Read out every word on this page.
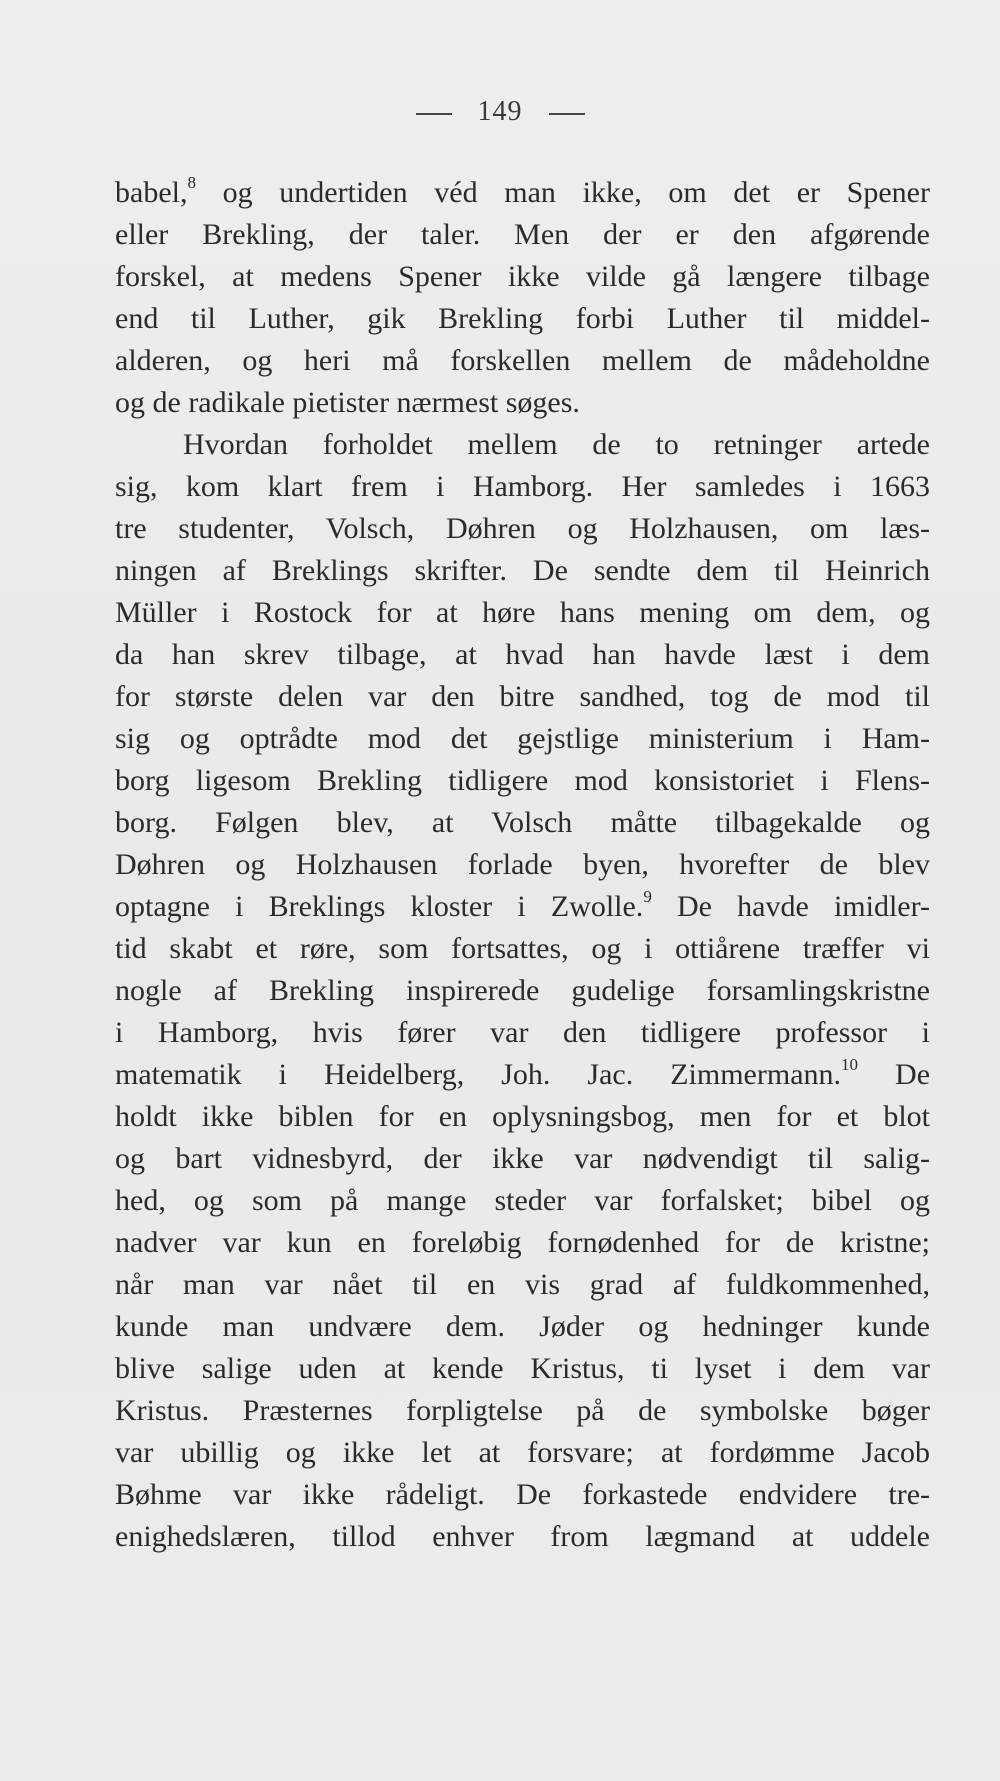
149
babel,$^8$ og undertiden véd man ikke, om det er Spener
eller Brekling, der taler. Men der er den afgørende
forskel, at medens Spener ikke vilde gå længere tilbage
end til Luther, gik Brekling forbi Luther til middel-
alderen, og heri må forskellen mellem de mådeholdne
og de radikale pietister nærmest søges.
Hvordan forholdet mellem de to retninger artede
sig, kom klart frem i Hamborg. Her samledes i 1663
tre studenter, Volsch, Døhren og Holzhausen, om læs-
ningen af Breklings skrifter. De sendte dem til Heinrich
Müller i Rostock for at høre hans mening om dem, og
da han skrev tilbage, at hvad han havde læst i dem
for største delen var den bitre sandhed, tog de mod til
sig og optrådte mod det gejstlige ministerium i Ham-
borg ligesom Brekling tidligere mod konsistoriet i Flens-
borg. Følgen blev, at Volsch måtte tilbagekalde og
Døhren og Holzhausen forlade byen, hvorefter de blev
optagne i Breklings kloster i Zwolle.$^9$ De havde imidler-
tid skabt et røre, som fortsattes, og i ottiårene træffer vi
nogle af Brekling inspirerede gudelige forsamlingskristne
i Hamborg, hvis fører var den tidligere professor i
matematik i Heidelberg, Joh. Jac. Zimmermann.$^{10}$ De
holdt ikke biblen for en oplysningsbog, men for et blot
og bart vidnesbyrd, der ikke var nødvendigt til salig-
hed, og som på mange steder var forfalsket; bibel og
nadver var kun en foreløbig fornødenhed for de kristne;
når man var nået til en vis grad af fuldkommenhed,
kunde man undvære dem. Jøder og hedninger kunde
blive salige uden at kende Kristus, ti lyset i dem var
Kristus. Præsternes forpligtelse på de symbolske bøger
var ubillig og ikke let at forsvare; at fordømme Jacob
Bøhme var ikke rådeligt. De forkastede endvidere tre-
enighedslæren, tillod enhver from lægmand at uddele
